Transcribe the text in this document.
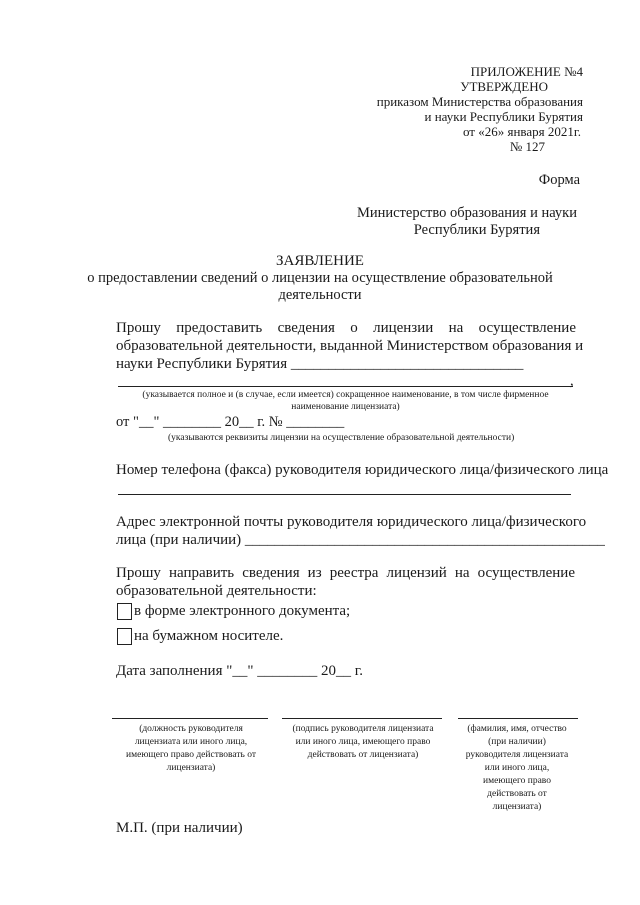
ПРИЛОЖЕНИЕ №4
УТВЕРЖДЕНО
приказом Министерства образования
и науки Республики Бурятия
от «26» января 2021г.
№ 127
Форма
Министерство образования и науки
Республики Бурятия
ЗАЯВЛЕНИЕ
о предоставлении сведений о лицензии на осуществление образовательной
деятельности
Прошу предоставить сведения о лицензии на осуществление
образовательной деятельности, выданной Министерством образования и
науки Республики Бурятия _______________________________
,
(указывается полное и (в случае, если имеется) сокращенное наименование, в том числе фирменное
наименование лицензиата)
от "__" ________ 20__ г. № ________
(указываются реквизиты лицензии на осуществление образовательной деятельности)
Номер телефона (факса) руководителя юридического лица/физического лица
Адрес электронной почты руководителя юридического лица/физического
лица (при наличии) ________________________________________________
Прошу направить сведения из реестра лицензий на осуществление
образовательной деятельности:
в форме электронного документа;
на бумажном носителе.
Дата заполнения "__" ________ 20__ г.
(должность руководителя
лицензиата или иного лица,
имеющего право действовать от
лицензиата)
(подпись руководителя лицензиата
или иного лица, имеющего право
действовать от лицензиата)
(фамилия, имя, отчество
(при наличии)
руководителя лицензиата
или иного лица,
имеющего право
действовать от
лицензиата)
М.П. (при наличии)
